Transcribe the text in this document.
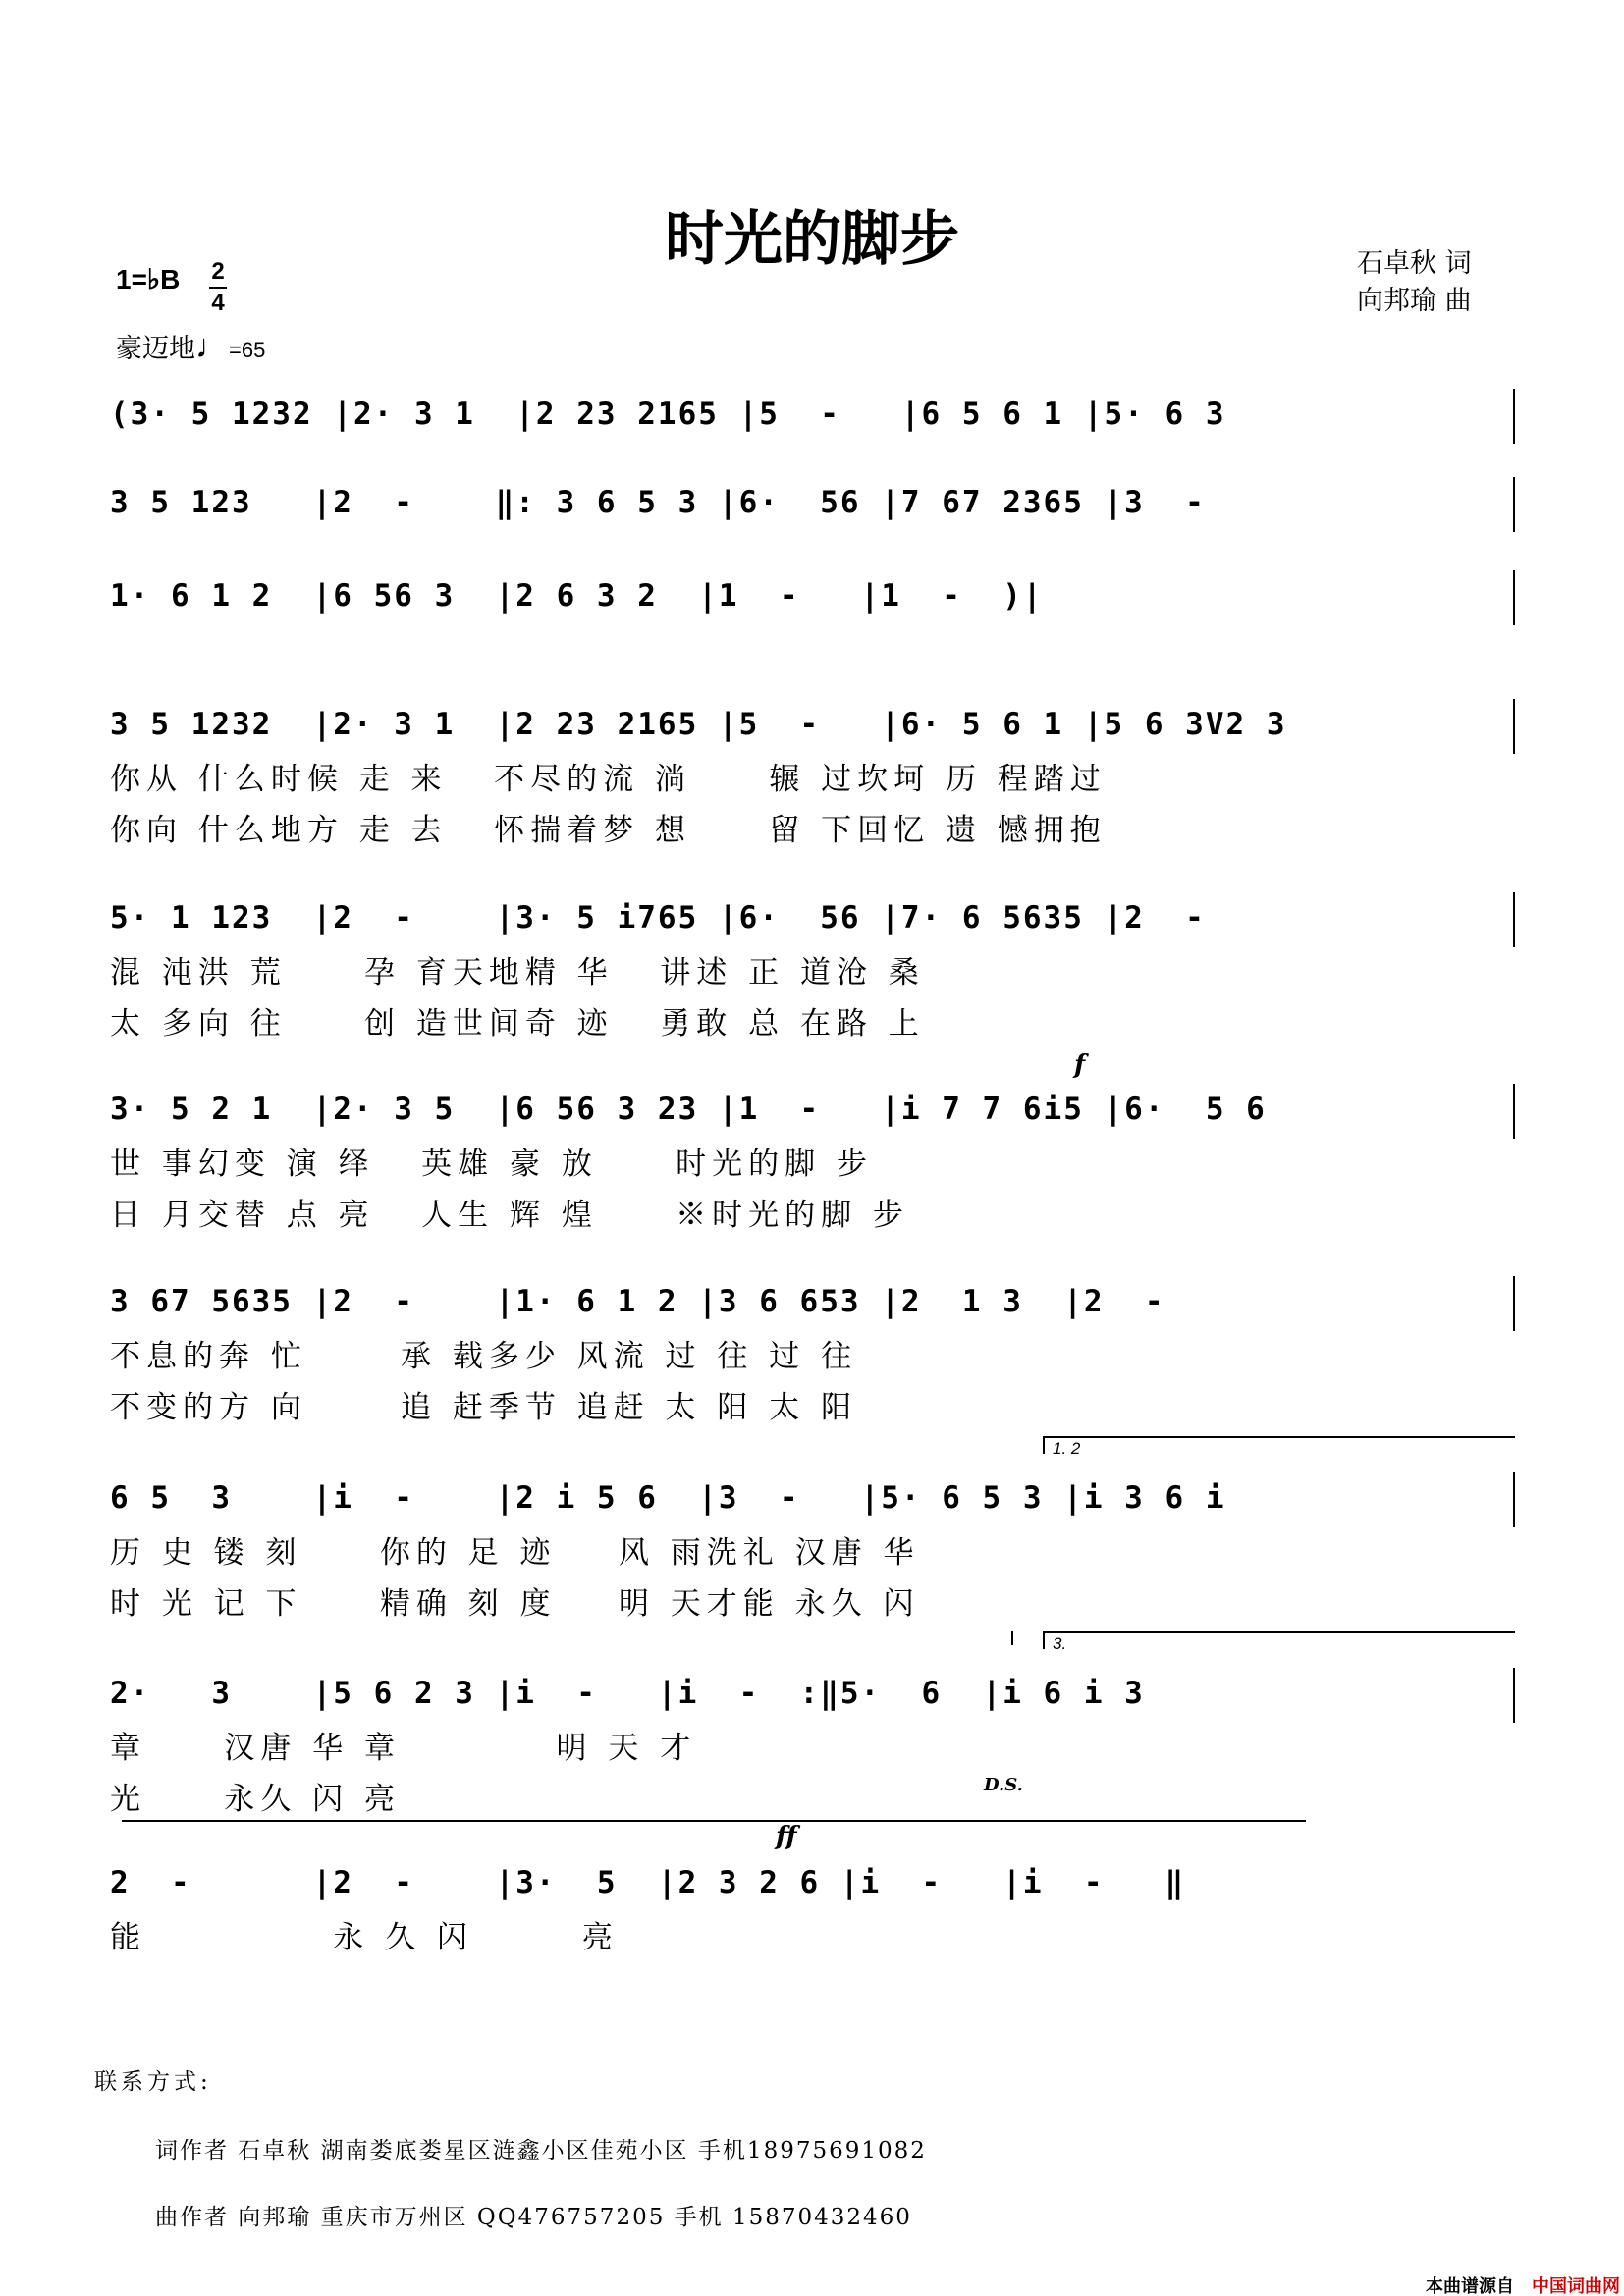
时光的脚步	石卓秋 词
向邦瑜 曲
1=♭B 2
4
豪迈地♩=65
(3· 5 1232 |2· 3 1  |2 23 2165 |5  -   |6 5 6 1 |5· 6 3
3 5 123   |2  -    ‖: 3 6 5 3 |6·  56 |7 67 2365 |3  -
1· 6 1 2  |6 56 3  |2 6 3 2  |1  -   |1  -  )|
3 5 1232  |2· 3 1  |2 23 2165 |5  -   |6· 5 6 1 |5 6 3V2 3
你从 什么时候 走 来   不尽的流 淌     辗 过坎坷 历 程踏过
你向 什么地方 走 去   怀揣着梦 想     留 下回忆 遗 憾拥抱
5· 1 123  |2  -    |3· 5 i765 |6·  56 |7· 6 5635 |2  -
混 沌洪 荒     孕 育天地精 华   讲述 正 道沧 桑
太 多向 往     创 造世间奇 迹   勇敢 总 在路 上
3· 5 2 1  |2· 3 5  |6 56 3 23 |1  -   |i 7 7 6i5 |6·  5 6
世 事幻变 演 绎   英雄 豪 放     时光的脚 步
日 月交替 点 亮   人生 辉 煌     ※时光的脚 步
f
3 67 5635 |2  -    |1· 6 1 2 |3 6 653 |2  1 3  |2  -
不息的奔 忙      承 载多少 风流 过 往 过 往
不变的方 向      追 赶季节 追赶 太 阳 太 阳
1. 2
6 5  3    |i  -    |2 i 5 6  |3  -   |5· 6 5 3 |i 3 6 i
历 史 镂 刻     你的 足 迹    风 雨洗礼 汉唐 华
时 光 记 下     精确 刻 度    明 天才能 永久 闪
3.
2·   3    |5 6 2 3 |i  -   |i  -  :‖5·  6  |i 6 i 3
章     汉唐 华 章          明 天 才
光     永久 闪 亮	D.S.
ff
2  -      |2  -    |3·  5  |2 3 2 6 |i  -   |i  -   ‖
能            永 久 闪       亮
联系方式:
词作者 石卓秋 湖南娄底娄星区涟鑫小区佳苑小区 手机18975691082
曲作者 向邦瑜 重庆市万州区 QQ476757205 手机 15870432460
本曲谱源自 中国词曲网
